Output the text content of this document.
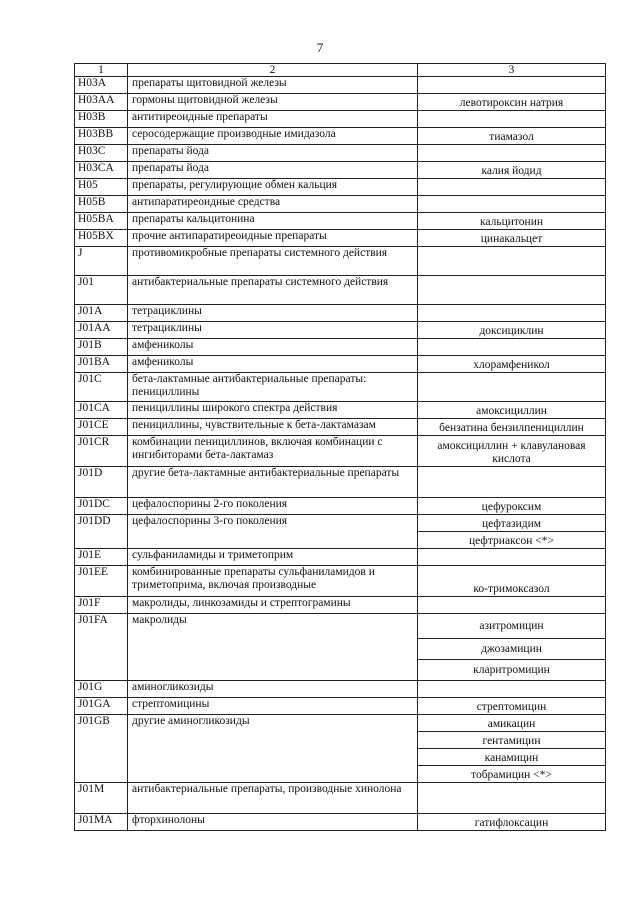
7
1	2	3
H03A	препараты щитовидной железы	
H03AA	гормоны щитовидной железы	левотироксин натрия
H03B	антитиреоидные препараты	
H03BB	серосодержащие производные имидазола	тиамазол
H03C	препараты йода	
H03CA	препараты йода	калия йодид
H05	препараты, регулирующие обмен кальция	
H05B	антипаратиреоидные средства	
H05BA	препараты кальцитонина	кальцитонин
H05BX	прочие антипаратиреоидные препараты	цинакальцет
J	противомикробные препараты системного действия	
J01	антибактериальные препараты системного действия	
J01A	тетрациклины	
J01AA	тетрациклины	доксициклин
J01B	амфениколы	
J01BA	амфениколы	хлорамфеникол
J01C	бета-лактамные антибактериальные препараты: пенициллины	
J01CA	пенициллины широкого спектра действия	амоксициллин
J01CE	пенициллины, чувствительные к бета-лактамазам	бензатина бензилпенициллин
J01CR	комбинации пенициллинов, включая комбинации с ингибиторами бета-лактамаз	амоксициллин + клавулановая кислота
J01D	другие бета-лактамные антибактериальные препараты	
J01DC	цефалоспорины 2-го поколения	цефуроксим
J01DD	цефалоспорины 3-го поколения	цефтазидим
		цефтриаксон <*>
J01E	сульфаниламиды и триметоприм	
J01EE	комбинированные препараты сульфаниламидов и триметоприма, включая производные	ко-тримоксазол
J01F	макролиды, линкозамиды и стрептограмины	
J01FA	макролиды	азитромицин
		джозамицин
		кларитромицин
J01G	аминогликозиды	
J01GA	стрептомицины	стрептомицин
J01GB	другие аминогликозиды	амикацин
		гентамицин
		канамицин
		тобрамицин <*>
J01M	антибактериальные препараты, производные хинолона	
J01MA	фторхинолоны	гатифлоксацин
